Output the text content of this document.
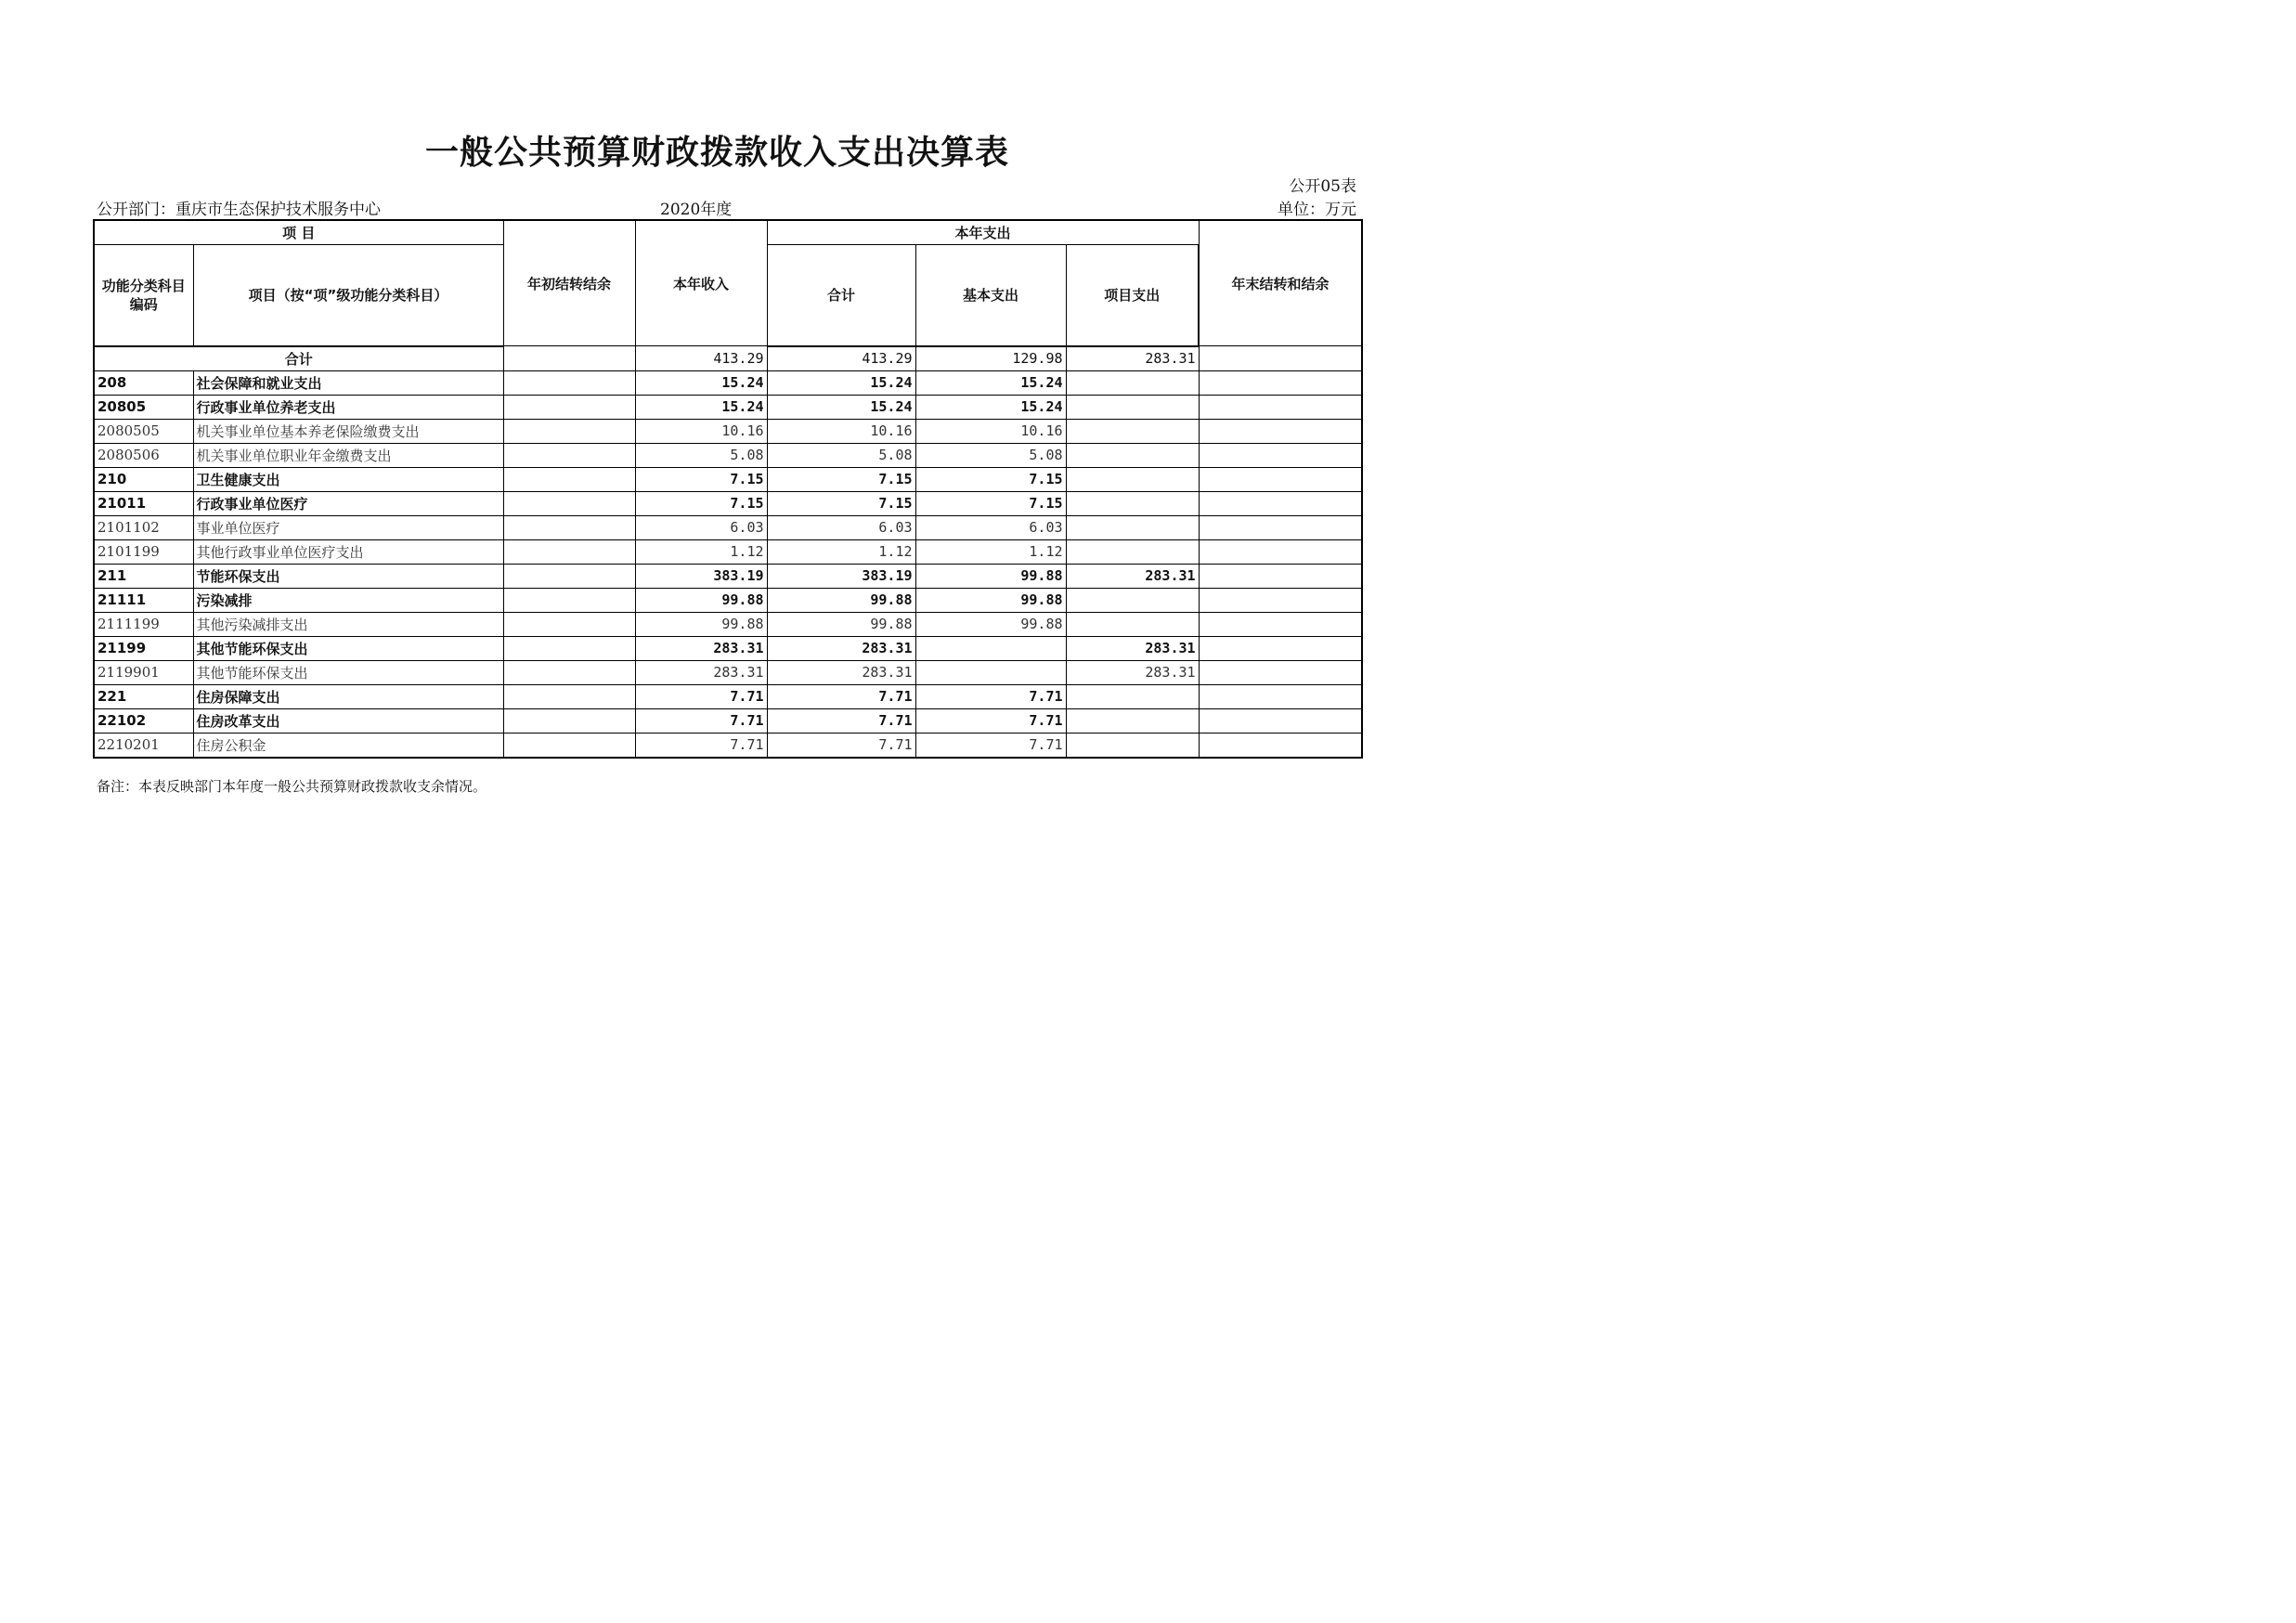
一般公共预算财政拨款收入支出决算表
公开05表
公开部门：重庆市生态保护技术服务中心	2020年度	单位：万元
项 目		年初结转结余	本年收入	本年支出			年末结转和结余
功能分类科目编码	项目（按“项”级功能分类科目）			合计	基本支出	项目支出	
合计			413.29	413.29	129.98	283.31	
208	社会保障和就业支出		15.24	15.24	15.24		
20805	行政事业单位养老支出		15.24	15.24	15.24		
2080505	机关事业单位基本养老保险缴费支出		10.16	10.16	10.16		
2080506	机关事业单位职业年金缴费支出		5.08	5.08	5.08		
210	卫生健康支出		7.15	7.15	7.15		
21011	行政事业单位医疗		7.15	7.15	7.15		
2101102	事业单位医疗		6.03	6.03	6.03		
2101199	其他行政事业单位医疗支出		1.12	1.12	1.12		
211	节能环保支出		383.19	383.19	99.88	283.31	
21111	污染减排		99.88	99.88	99.88		
2111199	其他污染减排支出		99.88	99.88	99.88		
21199	其他节能环保支出		283.31	283.31		283.31	
2119901	其他节能环保支出		283.31	283.31		283.31	
221	住房保障支出		7.71	7.71	7.71		
22102	住房改革支出		7.71	7.71	7.71		
2210201	住房公积金		7.71	7.71	7.71		
备注：本表反映部门本年度一般公共预算财政拨款收支余情况。
